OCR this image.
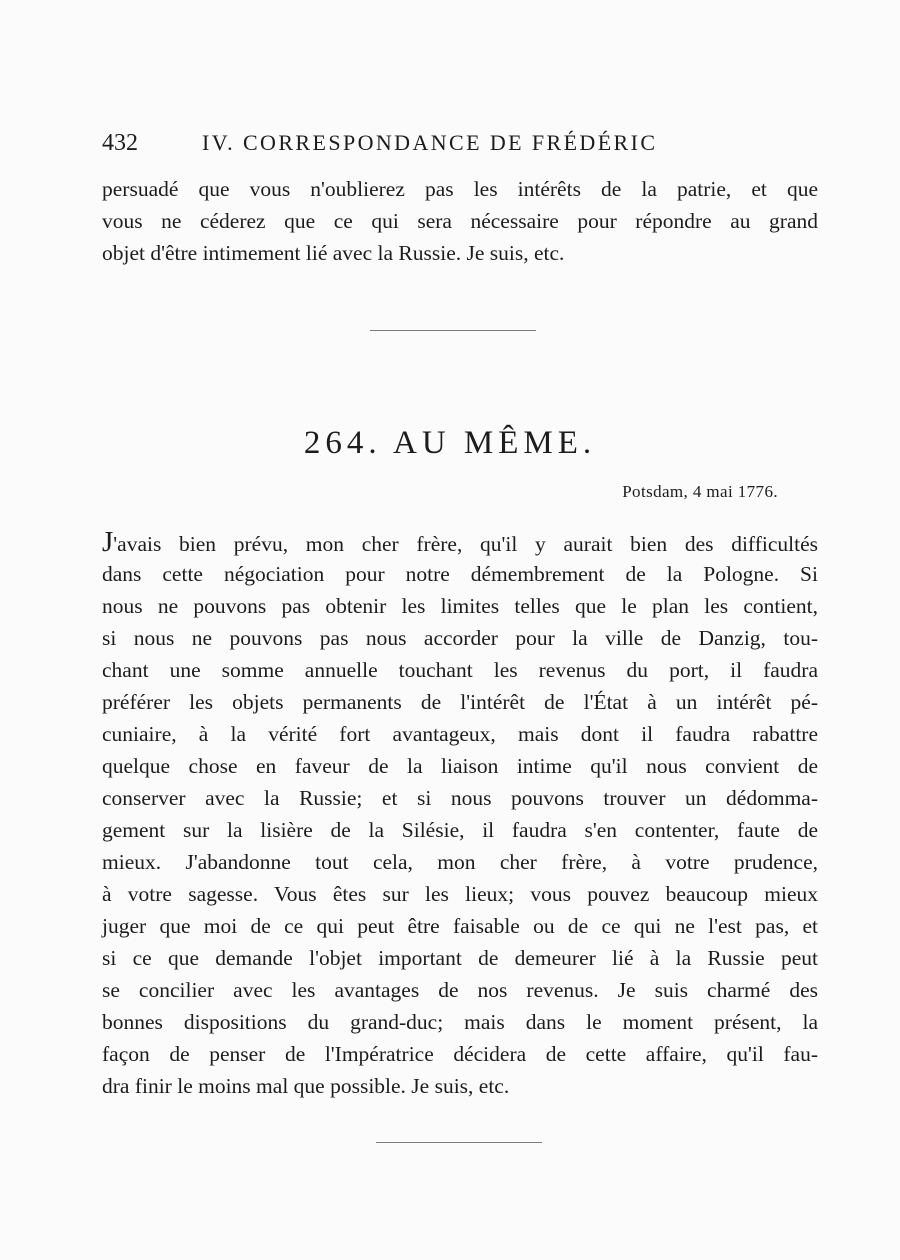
432	IV. CORRESPONDANCE DE FRÉDÉRIC
persuadé que vous n'oublierez pas les intérêts de la patrie, et que
vous ne céderez que ce qui sera nécessaire pour répondre au grand
objet d'être intimement lié avec la Russie. Je suis, etc.
264. AU MÊME.
Potsdam, 4 mai 1776.
J'avais bien prévu, mon cher frère, qu'il y aurait bien des difficultés
dans cette négociation pour notre démembrement de la Pologne. Si
nous ne pouvons pas obtenir les limites telles que le plan les contient,
si nous ne pouvons pas nous accorder pour la ville de Danzig, tou-
chant une somme annuelle touchant les revenus du port, il faudra
préférer les objets permanents de l'intérêt de l'État à un intérêt pé-
cuniaire, à la vérité fort avantageux, mais dont il faudra rabattre
quelque chose en faveur de la liaison intime qu'il nous convient de
conserver avec la Russie; et si nous pouvons trouver un dédomma-
gement sur la lisière de la Silésie, il faudra s'en contenter, faute de
mieux. J'abandonne tout cela, mon cher frère, à votre prudence,
à votre sagesse. Vous êtes sur les lieux; vous pouvez beaucoup mieux
juger que moi de ce qui peut être faisable ou de ce qui ne l'est pas, et
si ce que demande l'objet important de demeurer lié à la Russie peut
se concilier avec les avantages de nos revenus. Je suis charmé des
bonnes dispositions du grand-duc; mais dans le moment présent, la
façon de penser de l'Impératrice décidera de cette affaire, qu'il fau-
dra finir le moins mal que possible. Je suis, etc.
